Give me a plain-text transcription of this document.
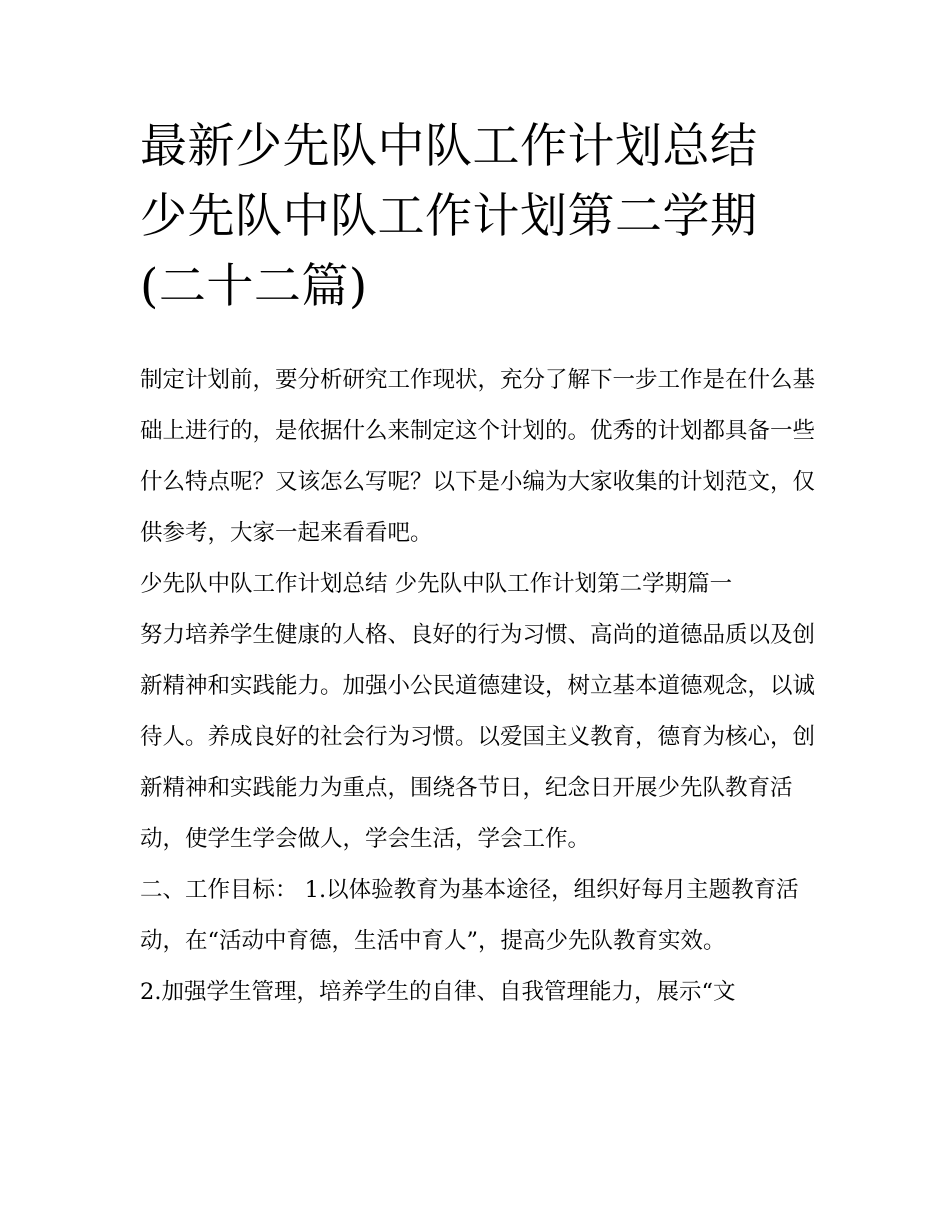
最新少先队中队工作计划总结
少先队中队工作计划第二学期
(二十二篇)

制定计划前，要分析研究工作现状，充分了解下一步工作是在什么基础上进行的，是依据什么来制定这个计划的。优秀的计划都具备一些什么特点呢？又该怎么写呢？以下是小编为大家收集的计划范文，仅供参考，大家一起来看看吧。

少先队中队工作计划总结 少先队中队工作计划第二学期篇一

努力培养学生健康的人格、良好的行为习惯、高尚的道德品质以及创新精神和实践能力。加强小公民道德建设，树立基本道德观念，以诚待人。养成良好的社会行为习惯。以爱国主义教育，德育为核心，创新精神和实践能力为重点，围绕各节日，纪念日开展少先队教育活动，使学生学会做人，学会生活，学会工作。

二、工作目标： 1.以体验教育为基本途径，组织好每月主题教育活动，在“活动中育德，生活中育人”，提高少先队教育实效。

2.加强学生管理，培养学生的自律、自我管理能力，展示“文
